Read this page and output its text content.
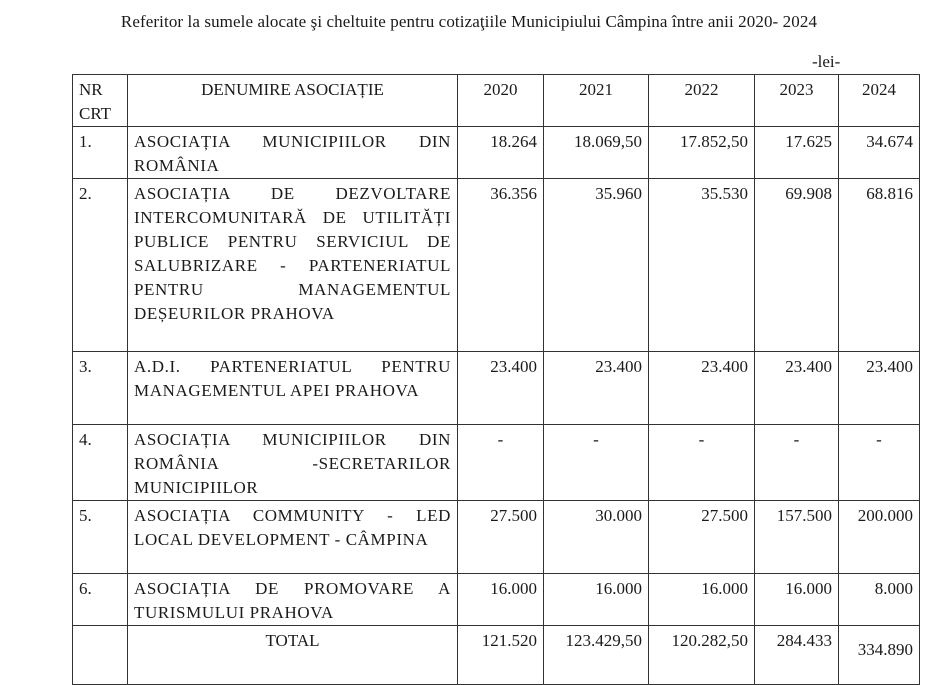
Referitor la sumele alocate şi cheltuite pentru cotizaţiile Municipiului Câmpina între anii 2020- 2024
-lei-
NR CRT	DENUMIRE ASOCIAȚIE	2020	2021	2022	2023	2024
1.	ASOCIAȚIA MUNICIPIILOR DIN ROMÂNIA	18.264	18.069,50	17.852,50	17.625	34.674
2.	ASOCIAȚIA DE DEZVOLTARE INTERCOMUNITARĂ DE UTILITĂȚI PUBLICE PENTRU SERVICIUL DE SALUBRIZARE - PARTENERIATUL PENTRU MANAGEMENTUL DEȘEURILOR PRAHOVA	36.356	35.960	35.530	69.908	68.816
3.	A.D.I. PARTENERIATUL PENTRU MANAGEMENTUL APEI PRAHOVA	23.400	23.400	23.400	23.400	23.400
4.	ASOCIAȚIA MUNICIPIILOR DIN ROMÂNIA -SECRETARILOR MUNICIPIILOR	-	-	-	-	-
5.	ASOCIAȚIA COMMUNITY - LED LOCAL DEVELOPMENT - CÂMPINA	27.500	30.000	27.500	157.500	200.000
6.	ASOCIAȚIA DE PROMOVARE A TURISMULUI PRAHOVA	16.000	16.000	16.000	16.000	8.000
	TOTAL	121.520	123.429,50	120.282,50	284.433	334.890
